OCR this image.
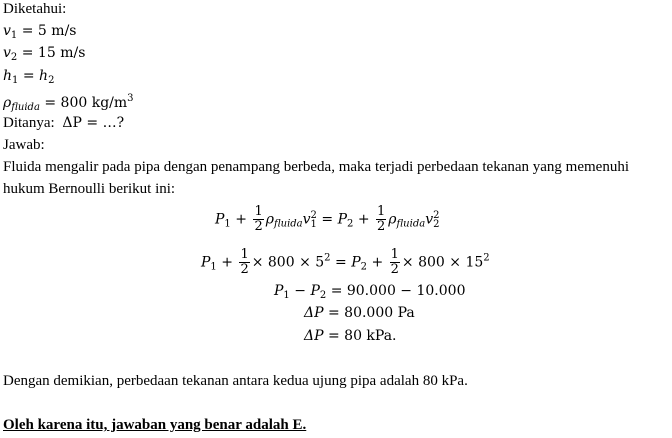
Diketahui:
$v_1 = 5$ m/s
$v_2 = 15$ m/s
$h_1 = h_2$
$\rho_{fluida} = 800$ $kg/m^3$
Ditanya: ΔP = …?
Jawab:
Fluida mengalir pada pipa dengan penampang berbeda, maka terjadi perbedaan tekanan yang memenuhi hukum Bernoulli berikut ini:
$P_1 + \frac{1}{2} \rho_{fluida}v$ 2
$1 = P_2 + \frac{1}{2} \rho_{fluida}v$ 2
2
$P_1 + \frac{1}{2} \times 800 \times 5^2 = P_2 + \frac{1}{2} \times 800 \times 15^2$
$P_1 - P_2 = 90.000 - 10.000$
ΔP = 80.000 Pa
ΔP = 80 kPa.
Dengan demikian, perbedaan tekanan antara kedua ujung pipa adalah 80 kPa.
Oleh karena itu, jawaban yang benar adalah E.
